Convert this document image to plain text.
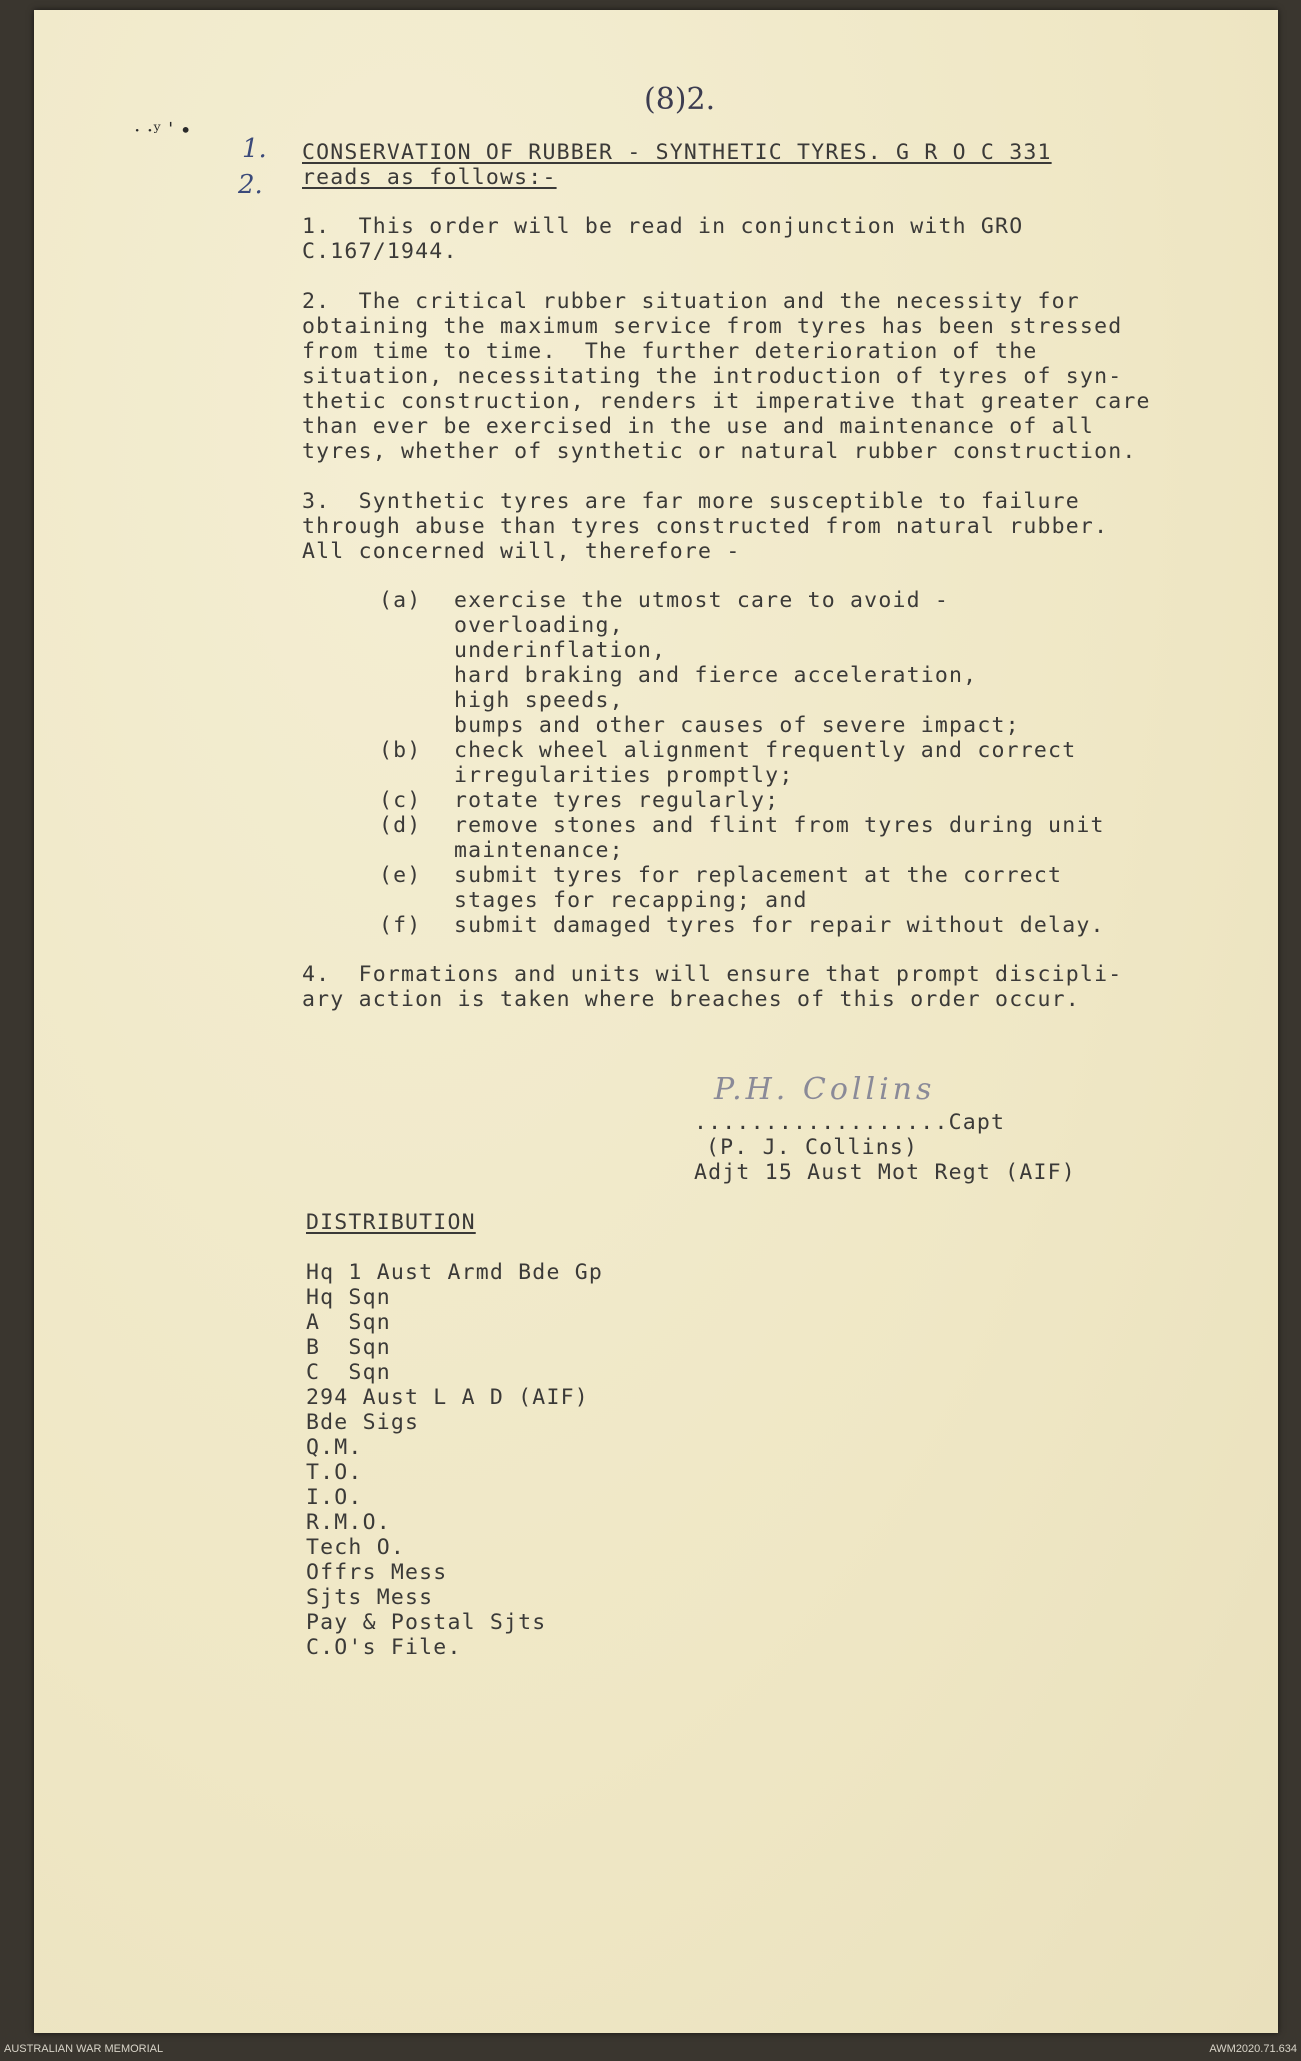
(8)2.
· ·ʸ ˈ •
1.
2.
CONSERVATION OF RUBBER - SYNTHETIC TYRES. G R O C 331
reads as follows:-
1.  This order will be read in conjunction with GRO
C.167/1944.
2.  The critical rubber situation and the necessity for
obtaining the maximum service from tyres has been stressed
from time to time.  The further deterioration of the
situation, necessitating the introduction of tyres of syn-
thetic construction, renders it imperative that greater care
than ever be exercised in the use and maintenance of all
tyres, whether of synthetic or natural rubber construction.
3.  Synthetic tyres are far more susceptible to failure
through abuse than tyres constructed from natural rubber.
All concerned will, therefore -
(a) exercise the utmost care to avoid -
overloading,
underinflation,
hard braking and fierce acceleration,
high speeds,
bumps and other causes of severe impact;
(b) check wheel alignment frequently and correct
irregularities promptly;
(c) rotate tyres regularly;
(d) remove stones and flint from tyres during unit
maintenance;
(e) submit tyres for replacement at the correct
stages for recapping; and
(f) submit damaged tyres for repair without delay.
4.  Formations and units will ensure that prompt discipli-
ary action is taken where breaches of this order occur.
P.H. Collins
..................Capt
(P. J. Collins)
Adjt 15 Aust Mot Regt (AIF)
DISTRIBUTION
Hq 1 Aust Armd Bde Gp
Hq Sqn
A  Sqn
B  Sqn
C  Sqn
294 Aust L A D (AIF)
Bde Sigs
Q.M.
T.O.
I.O.
R.M.O.
Tech O.
Offrs Mess
Sjts Mess
Pay & Postal Sjts
C.O's File.
AUSTRALIAN WAR MEMORIAL	AWM2020.71.634
